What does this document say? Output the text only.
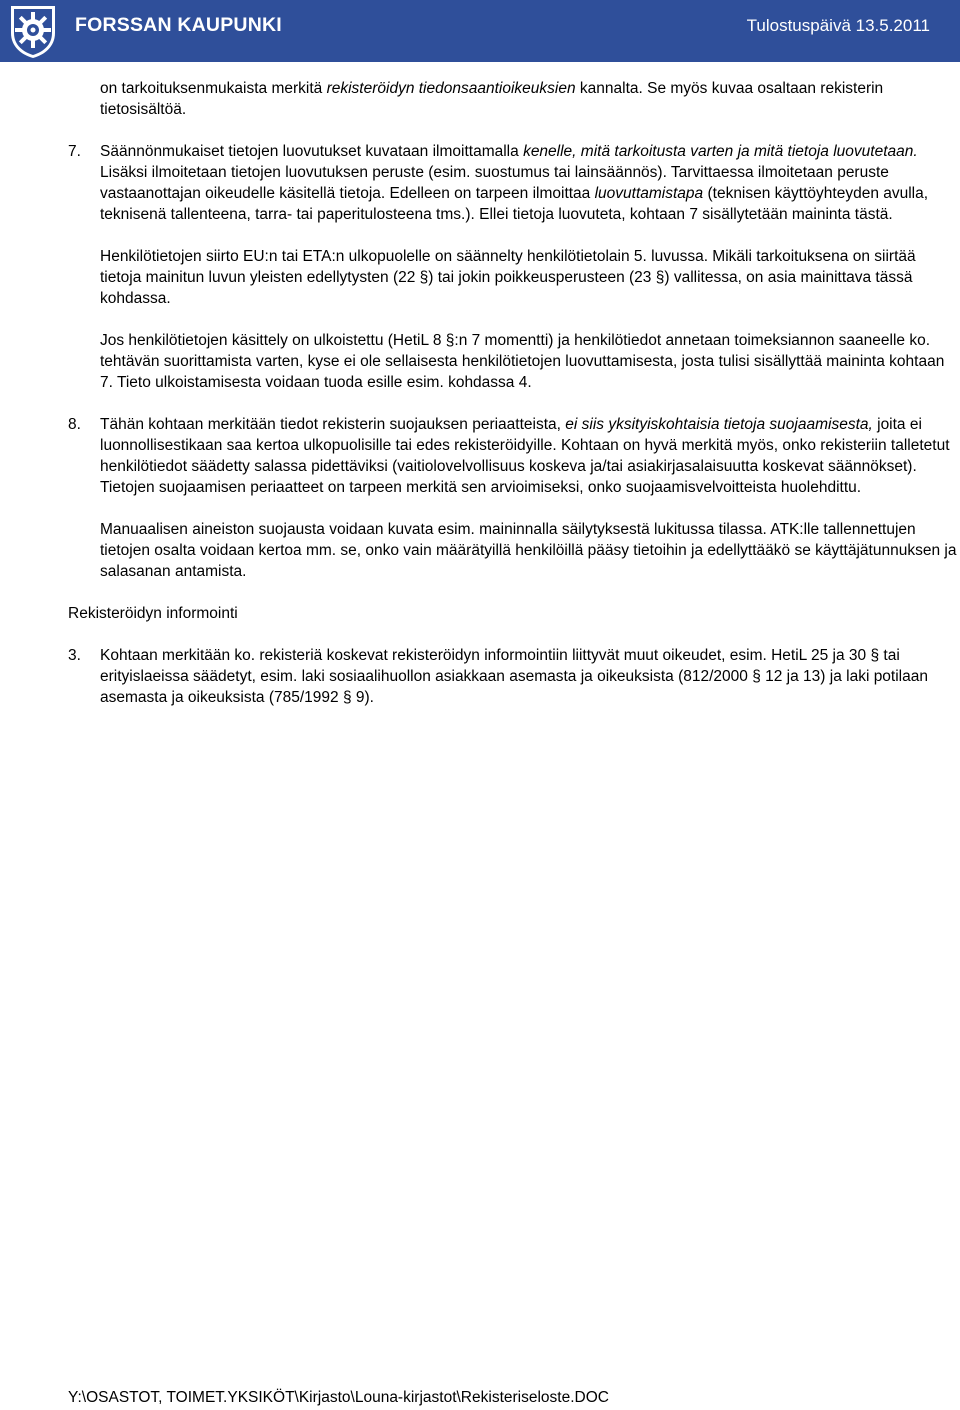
FORSSAN KAUPUNKI	Tulostuspäivä 13.5.2011

on tarkoituksenmukaista merkitä rekisteröidyn tiedonsaantioikeuksien kannalta. Se myös kuvaa osaltaan rekisterin tietosisältöä.

7. Säännönmukaiset tietojen luovutukset kuvataan ilmoittamalla kenelle, mitä tarkoitusta varten ja mitä tietoja luovutetaan. Lisäksi ilmoitetaan tietojen luovutuksen peruste (esim. suostumus tai lainsäännös). Tarvittaessa ilmoitetaan peruste vastaanottajan oikeudelle käsitellä tietoja. Edelleen on tarpeen ilmoittaa luovuttamistapa (teknisen käyttöyhteyden avulla, teknisenä tallenteena, tarra- tai paperitulosteena tms.). Ellei tietoja luovuteta, kohtaan 7 sisällytetään maininta tästä.

Henkilötietojen siirto EU:n tai ETA:n ulkopuolelle on säännelty henkilötietolain 5. luvussa. Mikäli tarkoituksena on siirtää tietoja mainitun luvun yleisten edellytysten (22 §) tai jokin poikkeusperusteen (23 §) vallitessa, on asia mainittava tässä kohdassa.

Jos henkilötietojen käsittely on ulkoistettu (HetiL 8 §:n 7 momentti) ja henkilötiedot annetaan toimeksiannon saaneelle ko. tehtävän suorittamista varten, kyse ei ole sellaisesta henkilötietojen luovuttamisesta, josta tulisi sisällyttää maininta kohtaan 7. Tieto ulkoistamisesta voidaan tuoda esille esim. kohdassa 4.

8. Tähän kohtaan merkitään tiedot rekisterin suojauksen periaatteista, ei siis yksityiskohtaisia tietoja suojaamisesta, joita ei luonnollisestikaan saa kertoa ulkopuolisille tai edes rekisteröidyille. Kohtaan on hyvä merkitä myös, onko rekisteriin talletetut henkilötiedot säädetty salassa pidettäviksi (vaitiolovelvollisuus koskeva ja/tai asiakirjasalaisuutta koskevat säännökset). Tietojen suojaamisen periaatteet on tarpeen merkitä sen arvioimiseksi, onko suojaamisvelvoitteista huolehdittu.

Manuaalisen aineiston suojausta voidaan kuvata esim. maininnalla säilytyksestä lukitussa tilassa. ATK:lle tallennettujen tietojen osalta voidaan kertoa mm. se, onko vain määrätyillä henkilöillä pääsy tietoihin ja edellyttääkö se käyttäjätunnuksen ja salasanan antamista.

Rekisteröidyn informointi

3. Kohtaan merkitään ko. rekisteriä koskevat rekisteröidyn informointiin liittyvät muut oikeudet, esim. HetiL 25 ja 30 § tai erityislaeissa säädetyt, esim. laki sosiaalihuollon asiakkaan asemasta ja oikeuksista (812/2000 § 12 ja 13) ja laki potilaan asemasta ja oikeuksista (785/1992 § 9).

Y:\OSASTOT, TOIMET.YKSIKÖT\Kirjasto\Louna-kirjastot\Rekisteriseloste.DOC
